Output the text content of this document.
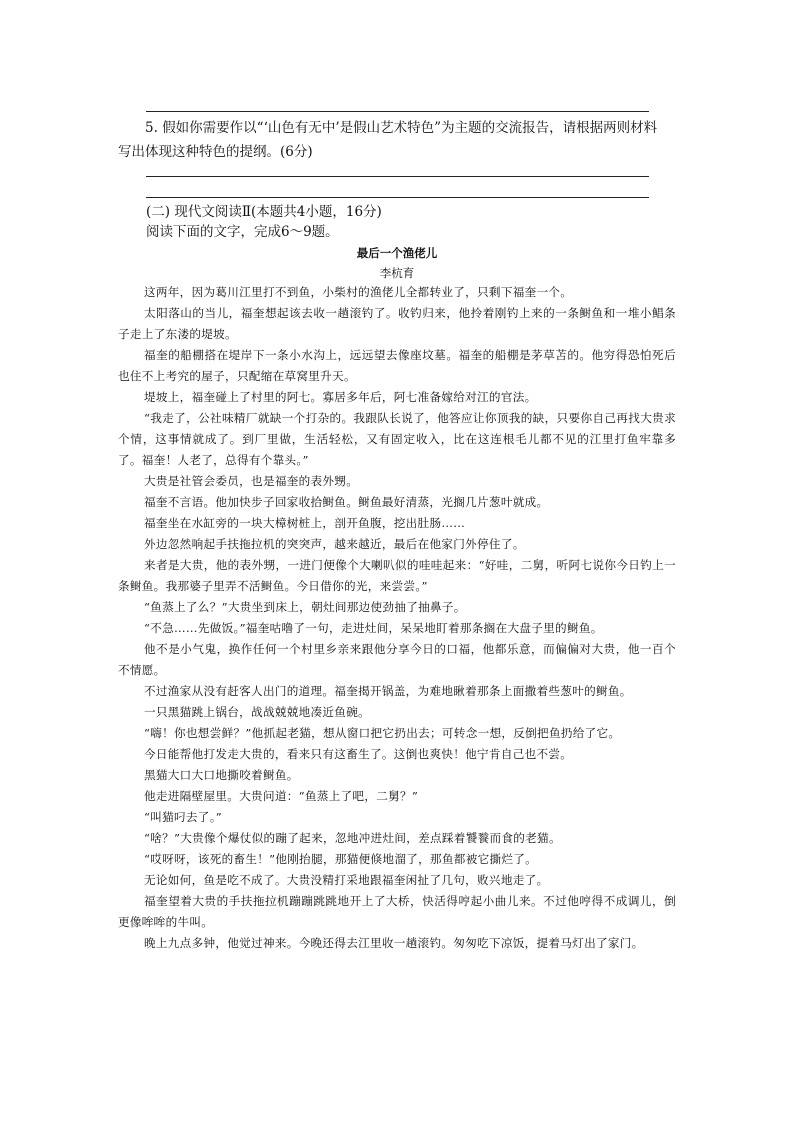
5. 假如你需要作以“‘山色有无中’是假山艺术特色”为主题的交流报告，请根据两则材料写出体现这种特色的提纲。(6分)
(二) 现代文阅读Ⅱ(本题共4小题，16分)
阅读下面的文字，完成6～9题。
最后一个渔佬儿
李杭育

这两年，因为葛川江里打不到鱼，小柴村的渔佬儿全都转业了，只剩下福奎一个。

太阳落山的当儿，福奎想起该去收一趟滚钓了。收钓归来，他拎着刚钓上来的一条鲥鱼和一堆小鲳条子走上了东溇的堤坡。

福奎的船棚搭在堤岸下一条小水沟上，远远望去像座坟墓。福奎的船棚是茅草苫的。他穷得恐怕死后也住不上考究的屋子，只配缩在草窝里升天。

堤坡上，福奎碰上了村里的阿七。寡居多年后，阿七准备嫁给对江的官法。

“我走了，公社味精厂就缺一个打杂的。我跟队长说了，他答应让你顶我的缺，只要你自己再找大贵求个情，这事情就成了。到厂里做，生活轻松，又有固定收入，比在这连根毛儿都不见的江里打鱼牢靠多了。福奎！人老了，总得有个靠头。”

大贵是社管会委员，也是福奎的表外甥。

福奎不言语。他加快步子回家收拾鲥鱼。鲥鱼最好清蒸，光搁几片葱叶就成。

福奎坐在水缸旁的一块大樟树桩上，剖开鱼腹，挖出肚肠……

外边忽然响起手扶拖拉机的突突声，越来越近，最后在他家门外停住了。

来者是大贵，他的表外甥，一进门便像个大喇叭似的哇哇起来：“好哇，二舅，听阿七说你今日钓上一条鲥鱼。我那婆子里弄不活鲥鱼。今日借你的光，来尝尝。”

“鱼蒸上了么？”大贵坐到床上，朝灶间那边使劲抽了抽鼻子。

“不急……先做饭。”福奎咕噜了一句，走进灶间，呆呆地盯着那条搁在大盘子里的鲥鱼。

他不是小气鬼，换作任何一个村里乡亲来跟他分享今日的口福，他都乐意，而偏偏对大贵，他一百个不情愿。

不过渔家从没有赶客人出门的道理。福奎揭开锅盖，为难地瞅着那条上面撒着些葱叶的鲥鱼。

一只黑猫跳上锅台，战战兢兢地凑近鱼碗。

“嗨！你也想尝鲜？”他抓起老猫，想从窗口把它扔出去；可转念一想，反倒把鱼扔给了它。

今日能帮他打发走大贵的，看来只有这畜生了。这倒也爽快！他宁肯自己也不尝。

黑猫大口大口地撕咬着鲥鱼。

他走进隔壁屋里。大贵问道：“鱼蒸上了吧，二舅？”

“叫猫叼去了。”

“啥？”大贵像个爆仗似的蹦了起来，忽地冲进灶间，差点踩着饕餮而食的老猫。

“哎呀呀，该死的畜生！”他刚抬腿，那猫便倏地溜了，那鱼都被它撕烂了。

无论如何，鱼是吃不成了。大贵没精打采地跟福奎闲扯了几句，败兴地走了。

福奎望着大贵的手扶拖拉机蹦蹦跳跳地开上了大桥，快活得哼起小曲儿来。不过他哼得不成调儿，倒更像哞哞的牛叫。

晚上九点多钟，他觉过神来。今晚还得去江里收一趟滚钓。匆匆吃下凉饭，提着马灯出了家门。
